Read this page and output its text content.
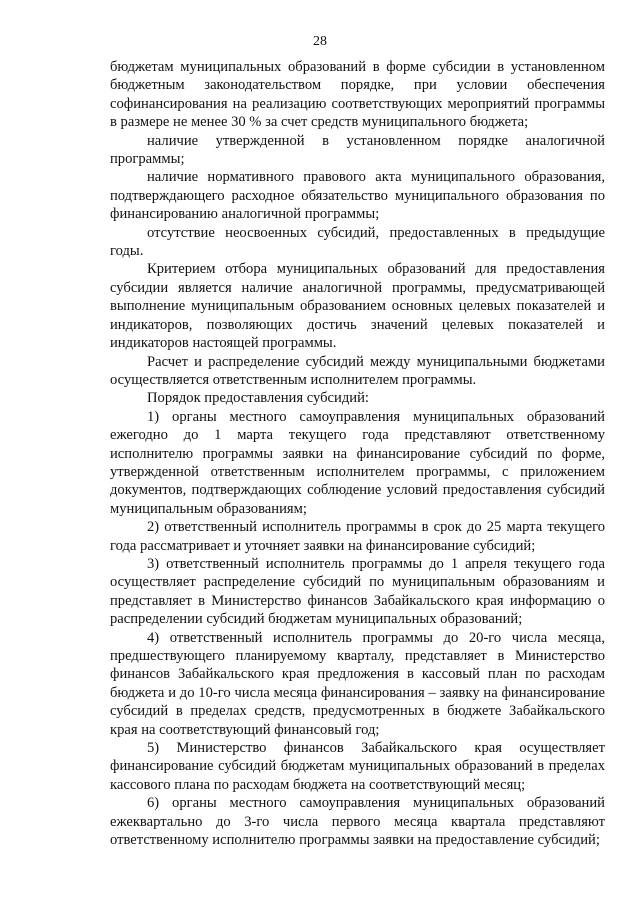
28

бюджетам муниципальных образований в форме субсидии в установленном бюджетным законодательством порядке, при условии обеспечения софинансирования на реализацию соответствующих мероприятий программы в размере не менее 30 % за счет средств муниципального бюджета;

наличие утвержденной в установленном порядке аналогичной программы;

наличие нормативного правового акта муниципального образования, подтверждающего расходное обязательство муниципального образования по финансированию аналогичной программы;

отсутствие неосвоенных субсидий, предоставленных в предыдущие годы.

Критерием отбора муниципальных образований для предоставления субсидии является наличие аналогичной программы, предусматривающей выполнение муниципальным образованием основных целевых показателей и индикаторов, позволяющих достичь значений целевых показателей и индикаторов настоящей программы.

Расчет и распределение субсидий между муниципальными бюджетами осуществляется ответственным исполнителем программы.

Порядок предоставления субсидий:

1) органы местного самоуправления муниципальных образований ежегодно до 1 марта текущего года представляют ответственному исполнителю программы заявки на финансирование субсидий по форме, утвержденной ответственным исполнителем программы, с приложением документов, подтверждающих соблюдение условий предоставления субсидий муниципальным образованиям;

2) ответственный исполнитель программы в срок до 25 марта текущего года рассматривает и уточняет заявки на финансирование субсидий;

3) ответственный исполнитель программы до 1 апреля текущего года осуществляет распределение субсидий по муниципальным образованиям и представляет в Министерство финансов Забайкальского края информацию о распределении субсидий бюджетам муниципальных образований;

4) ответственный исполнитель программы до 20-го числа месяца, предшествующего планируемому кварталу, представляет в Министерство финансов Забайкальского края предложения в кассовый план по расходам бюджета и до 10-го числа месяца финансирования – заявку на финансирование субсидий в пределах средств, предусмотренных в бюджете Забайкальского края на соответствующий финансовый год;

5) Министерство финансов Забайкальского края осуществляет финансирование субсидий бюджетам муниципальных образований в пределах кассового плана по расходам бюджета на соответствующий месяц;

6) органы местного самоуправления муниципальных образований ежеквартально до 3-го числа первого месяца квартала представляют ответственному исполнителю программы заявки на предоставление субсидий;
